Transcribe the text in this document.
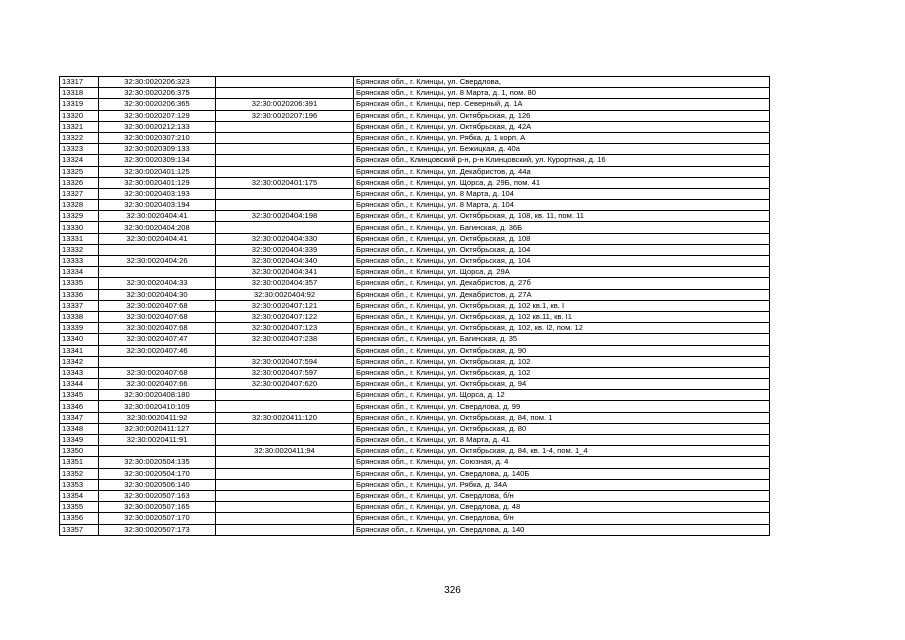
13317	32:30:0020206:323		Брянская обл., г. Клинцы, ул. Свердлова,
13318	32:30:0020206:375		Брянская обл., г. Клинцы, ул. 8 Марта, д. 1, пом. 80
13319	32:30:0020206:365	32:30:0020206:391	Брянская обл., г. Клинцы, пер. Северный, д. 1А
13320	32:30:0020207:129	32:30:0020207:196	Брянская обл., г. Клинцы, ул. Октябрьская, д. 126
13321	32:30:0020212:133		Брянская обл., г. Клинцы, ул. Октябрьская, д. 42А
13322	32:30:0020307:210		Брянская обл., г. Клинцы, ул. Рябка, д. 1 корп. А
13323	32:30:0020309:133		Брянская обл., г. Клинцы, ул. Бежицкая, д. 40а
13324	32:30:0020309:134		Брянская обл., Клинцовский р-н, р-н Клинцовский, ул. Курортная, д. 16
13325	32:30:0020401:125		Брянская обл., г. Клинцы, ул. Декабристов, д. 44а
13326	32:30:0020401:129	32:30:0020401:175	Брянская обл., г. Клинцы, ул. Щорса, д. 29Б, пом. 41
13327	32:30:0020403:193		Брянская обл., г. Клинцы, ул. 8 Марта, д. 104
13328	32:30:0020403:194		Брянская обл., г. Клинцы, ул. 8 Марта, д. 104
13329	32:30:0020404:41	32:30:0020404:198	Брянская обл., г. Клинцы, ул. Октябрьская, д. 108, кв. 11, пом. 11
13330	32:30:0020404:208		Брянская обл., г. Клинцы, ул. Багинская, д. 36Б
13331	32:30:0020404:41	32:30:0020404:330	Брянская обл., г. Клинцы, ул. Октябрьская, д. 108
13332		32:30:0020404:339	Брянская обл., г. Клинцы, ул. Октябрьская, д. 104
13333	32:30:0020404:26	32:30:0020404:340	Брянская обл., г. Клинцы, ул. Октябрьская, д. 104
13334		32:30:0020404:341	Брянская обл., г. Клинцы, ул. Щорса, д. 29А
13335	32:30:0020404:33	32:30:0020404:357	Брянская обл., г. Клинцы, ул. Декабристов, д. 27б
13336	32:30:0020404:30	32:30:0020404:92	Брянская обл., г. Клинцы, ул. Декабристов, д. 27А
13337	32:30:0020407:68	32:30:0020407:121	Брянская обл., г. Клинцы, ул. Октябрьская, д. 102 кв.1, кв. I
13338	32:30:0020407:68	32:30:0020407:122	Брянская обл., г. Клинцы, ул. Октябрьская, д. 102 кв.11, кв. I1
13339	32:30:0020407:68	32:30:0020407:123	Брянская обл., г. Клинцы, ул. Октябрьская, д. 102, кв. I2, пом. 12
13340	32:30:0020407:47	32:30:0020407:238	Брянская обл., г. Клинцы, ул. Багинская, д. 35
13341	32:30:0020407:46		Брянская обл., г. Клинцы, ул. Октябрьская, д. 90
13342		32:30:0020407:594	Брянская обл., г. Клинцы, ул. Октябрьская, д. 102
13343	32:30:0020407:68	32:30:0020407:597	Брянская обл., г. Клинцы, ул. Октябрьская, д. 102
13344	32:30:0020407:66	32:30:0020407:620	Брянская обл., г. Клинцы, ул. Октябрьская, д. 94
13345	32:30:0020408:180		Брянская обл., г. Клинцы, ул. Щорса, д. 12
13346	32:30:0020410:109		Брянская обл., г. Клинцы, ул. Свердлова, д. 99
13347	32:30:0020411:92	32:30:0020411:120	Брянская обл., г. Клинцы, ул. Октябрьская, д. 84, пом. 1
13348	32:30:0020411:127		Брянская обл., г. Клинцы, ул. Октябрьская, д. 80
13349	32:30:0020411:91		Брянская обл., г. Клинцы, ул. 8 Марта, д. 41
13350		32:30:0020411:94	Брянская обл., г. Клинцы, ул. Октябрьская, д. 84, кв. 1-4, пом. 1_4
13351	32:30:0020504:135		Брянская обл., г. Клинцы, ул. Союзная, д. 4
13352	32:30:0020504:170		Брянская обл., г. Клинцы, ул. Свердлова, д. 140Б
13353	32:30:0020506:140		Брянская обл., г. Клинцы, ул. Рябка, д. 34А
13354	32:30:0020507:163		Брянская обл., г. Клинцы, ул. Свердлова, б/н
13355	32:30:0020507:165		Брянская обл., г. Клинцы, ул. Свердлова, д. 48
13356	32:30:0020507:170		Брянская обл., г. Клинцы, ул. Свердлова, б/н
13357	32:30:0020507:173		Брянская обл., г. Клинцы, ул. Свердлова, д. 140
326
